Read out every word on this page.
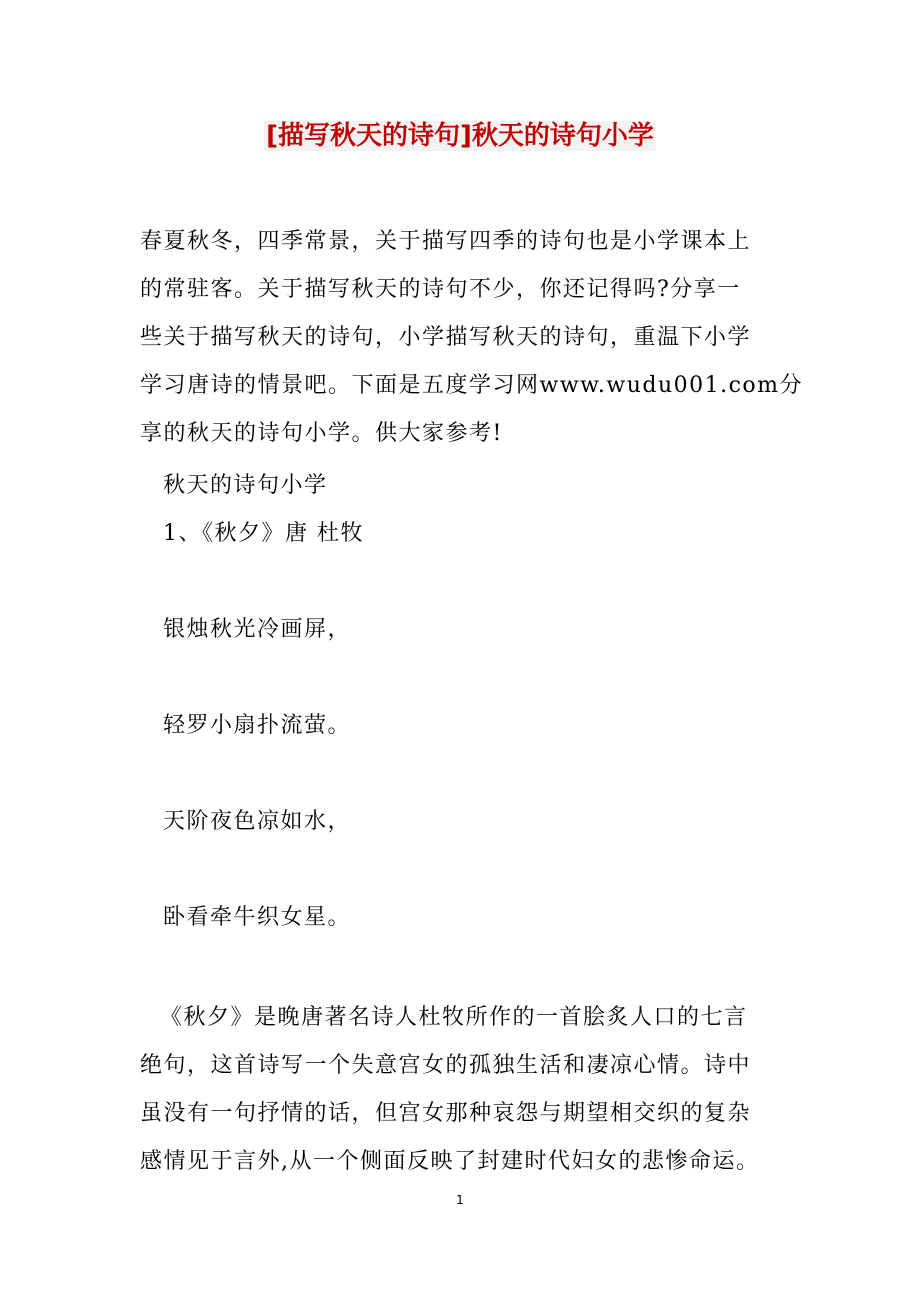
[描写秋天的诗句]秋天的诗句小学
春夏秋冬，四季常景，关于描写四季的诗句也是小学课本上
的常驻客。关于描写秋天的诗句不少，你还记得吗?分享一
些关于描写秋天的诗句，小学描写秋天的诗句，重温下小学
学习唐诗的情景吧。下面是五度学习网www.wudu001.com分
享的秋天的诗句小学。供大家参考!
秋天的诗句小学
1、《秋夕》唐 杜牧
银烛秋光冷画屏，
轻罗小扇扑流萤。
天阶夜色凉如水，
卧看牵牛织女星。
《秋夕》是晚唐著名诗人杜牧所作的一首脍炙人口的七言
绝句，这首诗写一个失意宫女的孤独生活和凄凉心情。诗中
虽没有一句抒情的话，但宫女那种哀怨与期望相交织的复杂
感情见于言外,从一个侧面反映了封建时代妇女的悲惨命运。
1
